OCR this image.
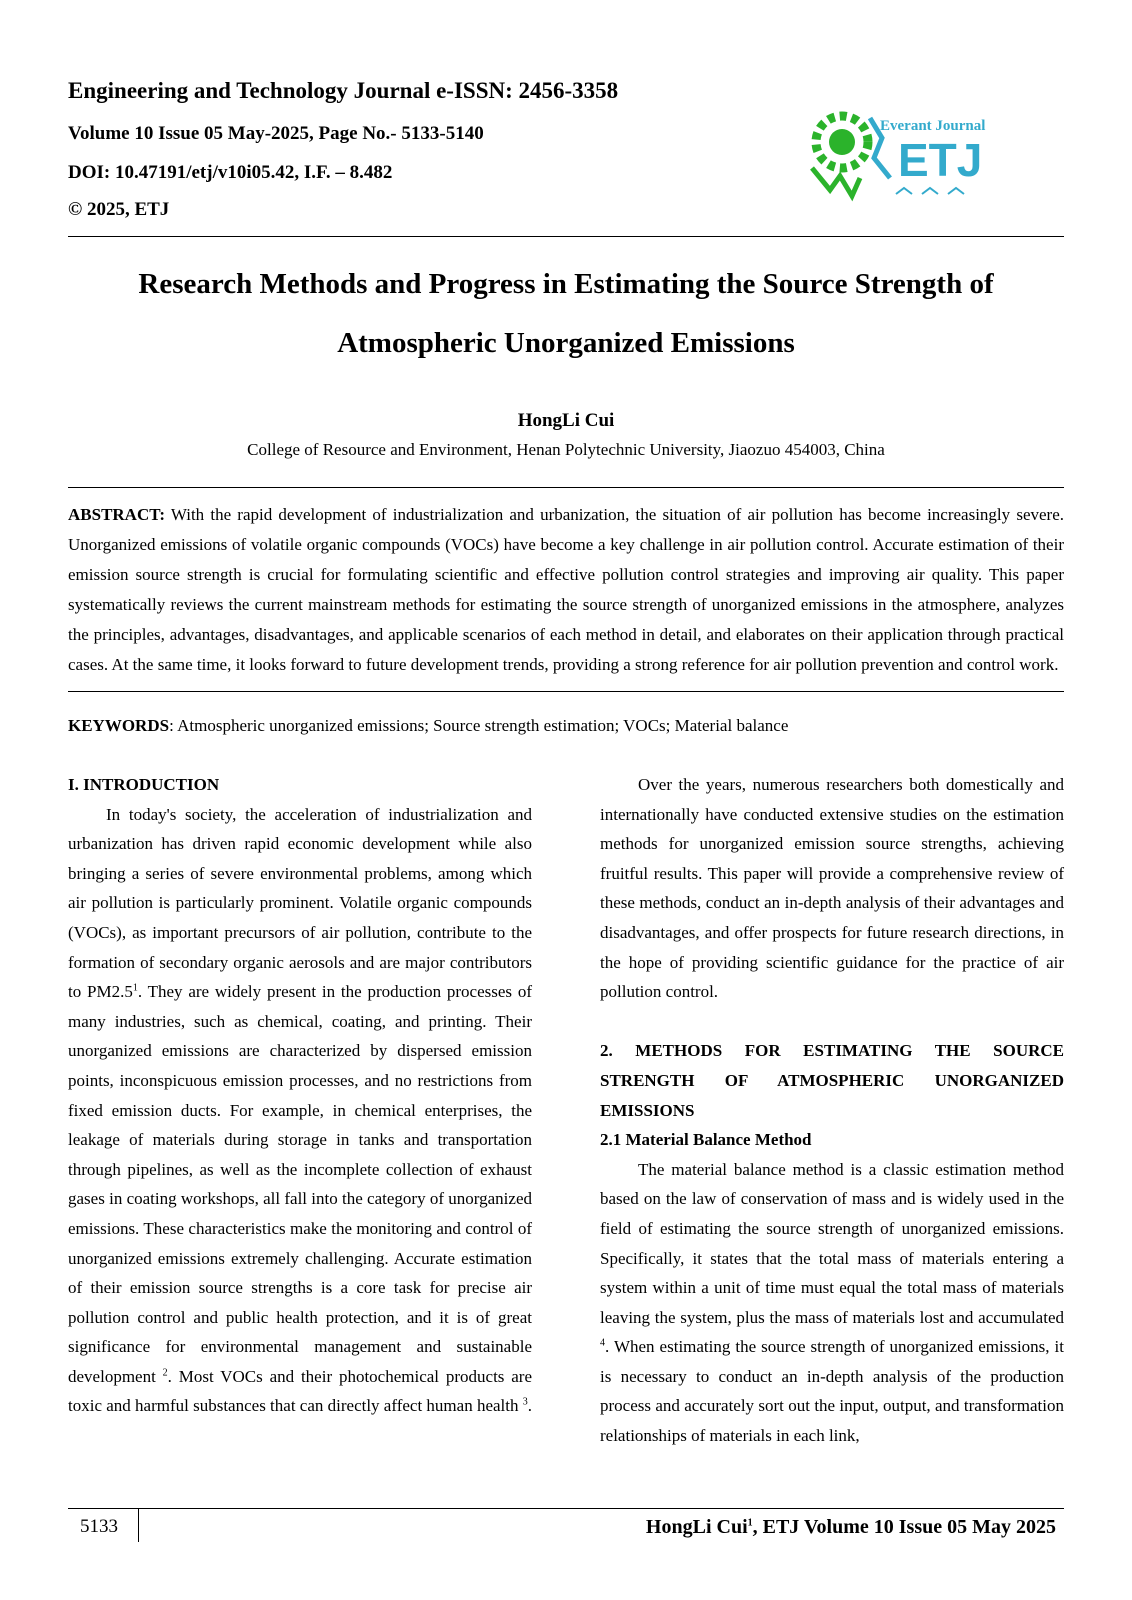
Engineering and Technology Journal e-ISSN: 2456-3358
Volume 10 Issue 05 May-2025, Page No.- 5133-5140
DOI: 10.47191/etj/v10i05.42, I.F. – 8.482
© 2025, ETJ
Everant Journal
ETJ
Research Methods and Progress in Estimating the Source Strength of
Atmospheric Unorganized Emissions
HongLi Cui
College of Resource and Environment, Henan Polytechnic University, Jiaozuo 454003, China

ABSTRACT: With the rapid development of industrialization and urbanization, the situation of air pollution has become increasingly severe. Unorganized emissions of volatile organic compounds (VOCs) have become a key challenge in air pollution control. Accurate estimation of their emission source strength is crucial for formulating scientific and effective pollution control strategies and improving air quality. This paper systematically reviews the current mainstream methods for estimating the source strength of unorganized emissions in the atmosphere, analyzes the principles, advantages, disadvantages, and applicable scenarios of each method in detail, and elaborates on their application through practical cases. At the same time, it looks forward to future development trends, providing a strong reference for air pollution prevention and control work.

KEYWORDS: Atmospheric unorganized emissions; Source strength estimation; VOCs; Material balance

I. INTRODUCTION

In today's society, the acceleration of industrialization and urbanization has driven rapid economic development while also bringing a series of severe environmental problems, among which air pollution is particularly prominent. Volatile organic compounds (VOCs), as important precursors of air pollution, contribute to the formation of secondary organic aerosols and are major contributors to $PM2.5^1$. They are widely present in the production processes of many industries, such as chemical, coating, and printing. Their unorganized emissions are characterized by dispersed emission points, inconspicuous emission processes, and no restrictions from fixed emission ducts. For example, in chemical enterprises, the leakage of materials during storage in tanks and transportation through pipelines, as well as the incomplete collection of exhaust gases in coating workshops, all fall into the category of unorganized emissions. These characteristics make the monitoring and control of unorganized emissions extremely challenging. Accurate estimation of their emission source strengths is a core task for precise air pollution control and public health protection, and it is of great significance for environmental management and sustainable development $^2$. Most VOCs and their photochemical products are toxic and harmful substances that can directly affect human health $^3$.

Over the years, numerous researchers both domestically and internationally have conducted extensive studies on the estimation methods for unorganized emission source strengths, achieving fruitful results. This paper will provide a comprehensive review of these methods, conduct an in-depth analysis of their advantages and disadvantages, and offer prospects for future research directions, in the hope of providing scientific guidance for the practice of air pollution control.

2. METHODS FOR ESTIMATING THE SOURCE STRENGTH OF ATMOSPHERIC UNORGANIZED EMISSIONS

2.1 Material Balance Method

The material balance method is a classic estimation method based on the law of conservation of mass and is widely used in the field of estimating the source strength of unorganized emissions. Specifically, it states that the total mass of materials entering a system within a unit of time must equal the total mass of materials leaving the system, plus the mass of materials lost and accumulated $^4$. When estimating the source strength of unorganized emissions, it is necessary to conduct an in-depth analysis of the production process and accurately sort out the input, output, and transformation relationships of materials in each link,

5133	HongLi Cui$^1$, ETJ Volume 10 Issue 05 May 2025
